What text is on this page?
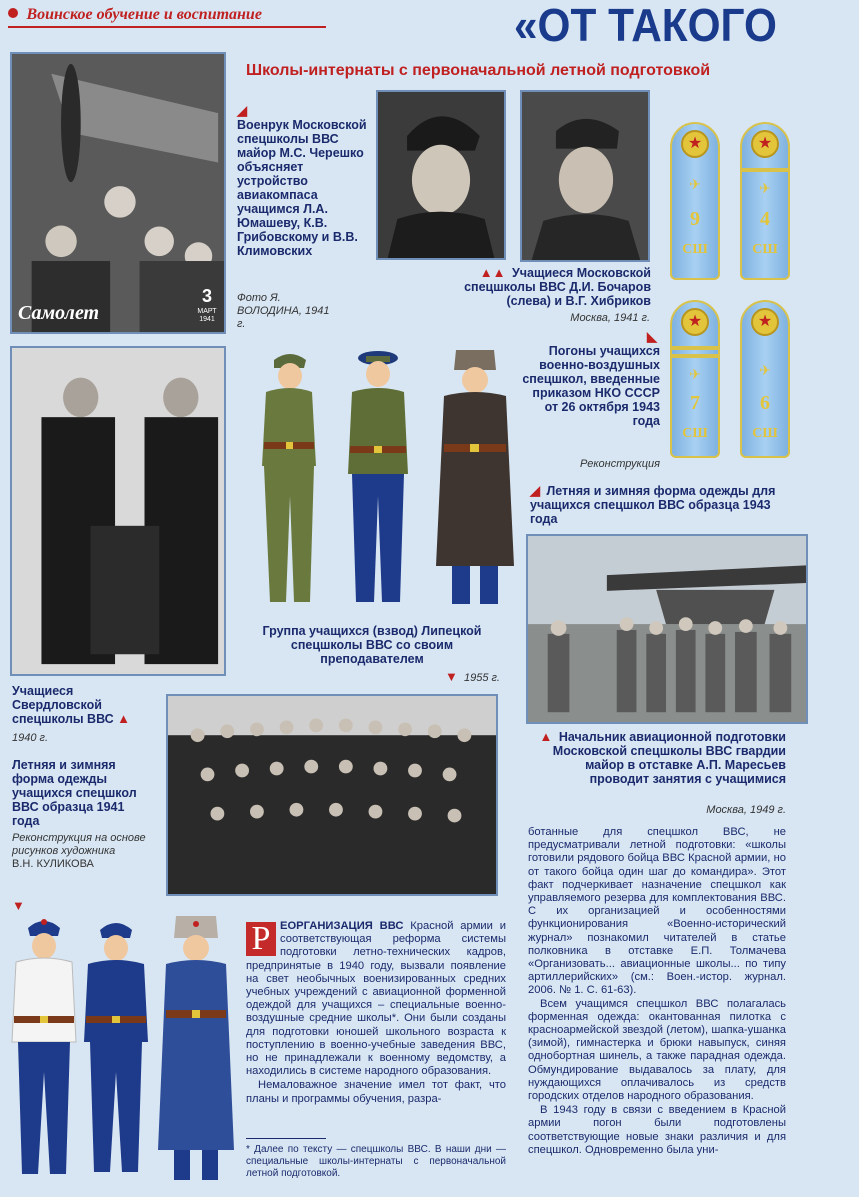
Воинское обучение и воспитание	«ОТ ТАКОГО
Школы-интернаты с первоначальной летной подготовкой
Самолет
3
МАРТ 1941
◢
Военрук Московской спецшколы ВВС майор М.С. Черешко объясняет устройство авиакомпаса учащимся Л.А. Юмашеву, К.В. Грибовскому и В.В. Климовских
Фото Я. ВОЛОДИНА, 1941 г.
▲▲ Учащиеся Московской спецшколы ВВС Д.И. Бочаров (слева) и В.Г. Хибриков
Москва, 1941 г.
★
✈
9
СШ
★
✈
4
СШ
★
✈
7
СШ
★
✈
6
СШ
◣
Погоны учащихся военно-воздушных спецшкол, введенные приказом НКО СССР от 26 октября 1943 года
Реконструкция
◢ Летняя и зимняя форма одежды для учащихся спецшкол ВВС образца 1943 года
Учащиеся Свердловской спецшколы ВВС ▲
1940 г.
Группа учащихся (взвод) Липецкой спецшколы ВВС со своим преподавателем
▼ 1955 г.
▲ Начальник авиационной подготовки Московской спецшколы ВВС гвардии майор в отставке А.П. Маресьев проводит занятия с учащимися
Москва, 1949 г.
Летняя и зимняя форма одежды учащихся спецшкол ВВС образца 1941 года
Реконструкция на основе рисунков художника
В.Н. КУЛИКОВА
▼
Р ЕОРГАНИЗАЦИЯ ВВС Красной армии и соответствующая реформа системы подготовки летно-технических кадров, предпринятые в 1940 году, вызвали появление на свет необычных военизированных средних учебных учреждений с авиационной форменной одеждой для учащихся – специальные военно-воздушные средние школы*. Они были созданы для подготовки юношей школьного возраста к поступлению в военно-учебные заведения ВВС, но не принадлежали к военному ведомству, а находились в системе народного образования.

Немаловажное значение имел тот факт, что планы и программы обучения, разра-

* Далее по тексту — спецшколы ВВС. В наши дни — специальные школы-интернаты с первоначальной летной подготовкой.
ботанные для спецшкол ВВС, не предусматривали летной подготовки: «школы готовили рядового бойца ВВС Красной армии, но от такого бойца один шаг до командира». Этот факт подчеркивает назначение спецшкол как управляемого резерва для комплектования ВВС. С их организацией и особенностями функционирования «Военно-исторический журнал» познакомил читателей в статье полковника в отставке Е.П. Толмачева «Организовать... авиационные школы... по типу артиллерийских» (см.: Воен.-истор. журнал. 2006. № 1. С. 61-63).

Всем учащимся спецшкол ВВС полагалась форменная одежда: окантованная пилотка с красноармейской звездой (летом), шапка-ушанка (зимой), гимнастерка и брюки навыпуск, синяя однобортная шинель, а также парадная одежда. Обмундирование выдавалось за плату, для нуждающихся оплачивалось из средств городских отделов народного образования.

В 1943 году в связи с введением в Красной армии погон были подготовлены соответствующие новые знаки различия и для спецшкол. Одновременно была уни-
